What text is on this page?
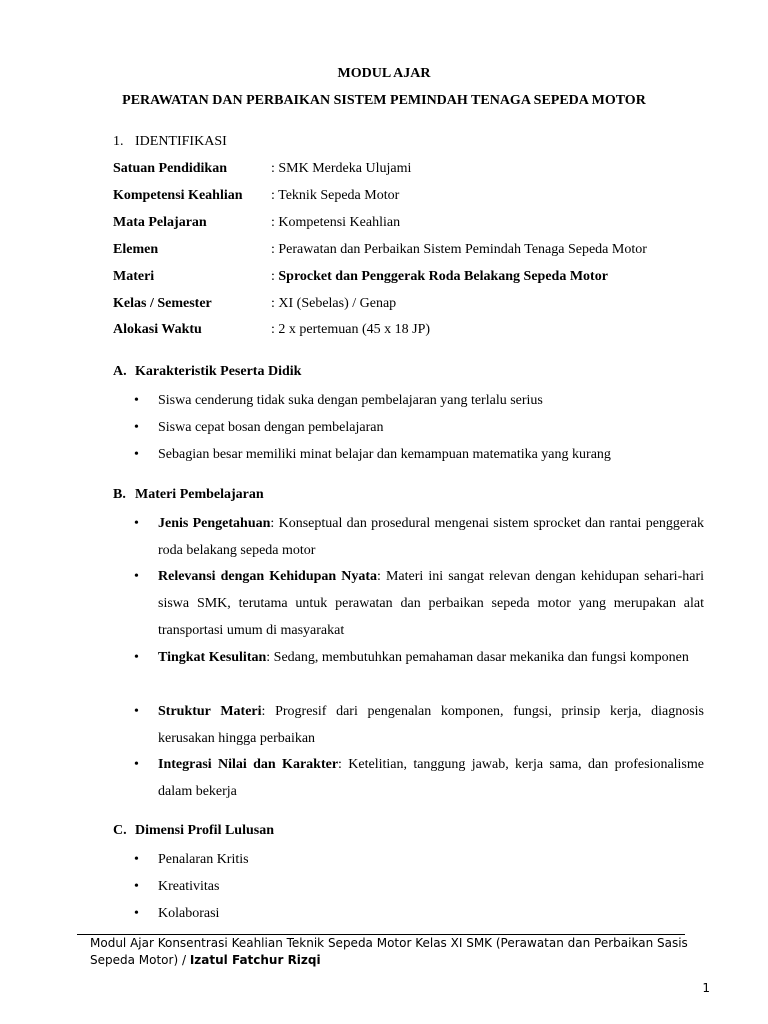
MODUL AJAR
PERAWATAN DAN PERBAIKAN SISTEM PEMINDAH TENAGA SEPEDA MOTOR
1. IDENTIFIKASI
Satuan Pendidikan	: SMK Merdeka Ulujami
Kompetensi Keahlian	: Teknik Sepeda Motor
Mata Pelajaran	: Kompetensi Keahlian
Elemen	: Perawatan dan Perbaikan Sistem Pemindah Tenaga Sepeda Motor
Materi	: Sprocket dan Penggerak Roda Belakang Sepeda Motor
Kelas / Semester	: XI (Sebelas) / Genap
Alokasi Waktu	: 2 x pertemuan (45 x 18 JP)
A. Karakteristik Peserta Didik
• Siswa cenderung tidak suka dengan pembelajaran yang terlalu serius
• Siswa cepat bosan dengan pembelajaran
• Sebagian besar memiliki minat belajar dan kemampuan matematika yang kurang
B. Materi Pembelajaran
• Jenis Pengetahuan: Konseptual dan prosedural mengenai sistem sprocket dan rantai penggerak roda belakang sepeda motor
• Relevansi dengan Kehidupan Nyata: Materi ini sangat relevan dengan kehidupan sehari-hari siswa SMK, terutama untuk perawatan dan perbaikan sepeda motor yang merupakan alat transportasi umum di masyarakat
• Tingkat Kesulitan: Sedang, membutuhkan pemahaman dasar mekanika dan fungsi komponen
• Struktur Materi: Progresif dari pengenalan komponen, fungsi, prinsip kerja, diagnosis kerusakan hingga perbaikan
• Integrasi Nilai dan Karakter: Ketelitian, tanggung jawab, kerja sama, dan profesionalisme dalam bekerja
C. Dimensi Profil Lulusan
• Penalaran Kritis
• Kreativitas
• Kolaborasi
Modul Ajar Konsentrasi Keahlian Teknik Sepeda Motor Kelas XI SMK (Perawatan dan Perbaikan Sasis
Sepeda Motor) / Izatul Fatchur Rizqi
1
